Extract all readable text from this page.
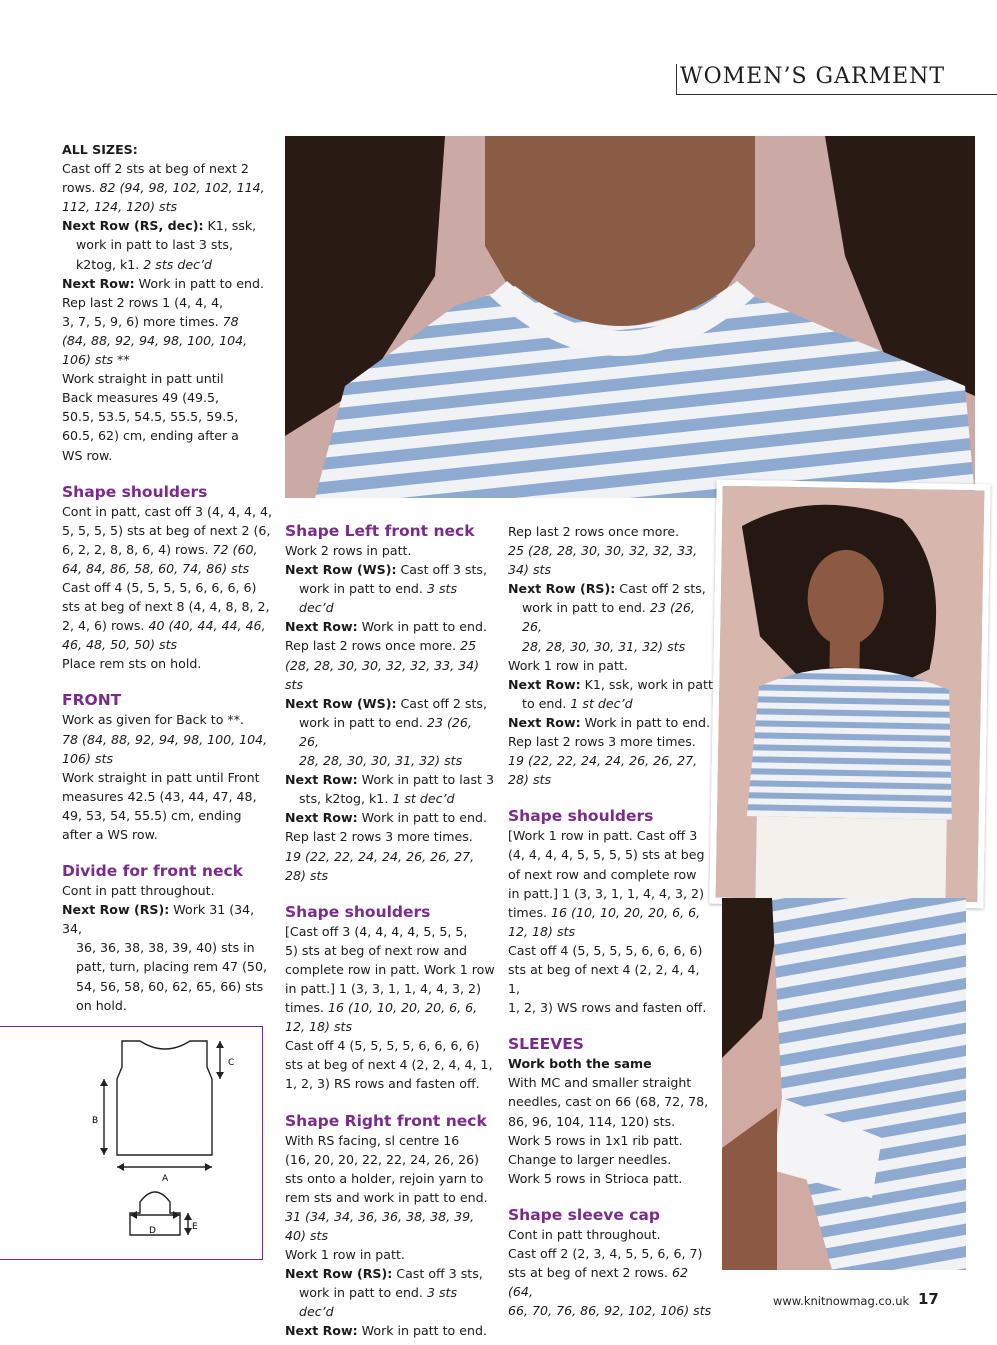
WOMEN’S GARMENT

ALL SIZES:

Cast off 2 sts at beg of next 2

rows. 82 (94, 98, 102, 102, 114,

112, 124, 120) sts

Next Row (RS, dec): K1, ssk,

work in patt to last 3 sts,

k2tog, k1. 2 sts dec’d

Next Row: Work in patt to end.

Rep last 2 rows 1 (4, 4, 4,

3, 7, 5, 9, 6) more times. 78

(84, 88, 92, 94, 98, 100, 104,

106) sts **

Work straight in patt until

Back measures 49 (49.5,

50.5, 53.5, 54.5, 55.5, 59.5,

60.5, 62) cm, ending after a

WS row.

Shape shoulders

Cont in patt, cast off 3 (4, 4, 4, 4,

5, 5, 5, 5) sts at beg of next 2 (6,

6, 2, 2, 8, 8, 6, 4) rows. 72 (60,

64, 84, 86, 58, 60, 74, 86) sts

Cast off 4 (5, 5, 5, 5, 6, 6, 6, 6)

sts at beg of next 8 (4, 4, 8, 8, 2,

2, 4, 6) rows. 40 (40, 44, 44, 46,

46, 48, 50, 50) sts

Place rem sts on hold.

FRONT

Work as given for Back to **.

78 (84, 88, 92, 94, 98, 100, 104,

106) sts

Work straight in patt until Front

measures 42.5 (43, 44, 47, 48,

49, 53, 54, 55.5) cm, ending

after a WS row.

Divide for front neck

Cont in patt throughout.

Next Row (RS): Work 31 (34, 34,

36, 36, 38, 38, 39, 40) sts in

patt, turn, placing rem 47 (50,

54, 56, 58, 60, 62, 65, 66) sts

on hold.

Shape Left front neck

Work 2 rows in patt.

Next Row (WS): Cast off 3 sts,

work in patt to end. 3 sts dec’d

Next Row: Work in patt to end.

Rep last 2 rows once more. 25

(28, 28, 30, 30, 32, 32, 33, 34) sts

Next Row (WS): Cast off 2 sts,

work in patt to end. 23 (26, 26,

28, 28, 30, 30, 31, 32) sts

Next Row: Work in patt to last 3

sts, k2tog, k1. 1 st dec’d

Next Row: Work in patt to end.

Rep last 2 rows 3 more times.

19 (22, 22, 24, 24, 26, 26, 27,

28) sts

Shape shoulders

[Cast off 3 (4, 4, 4, 4, 5, 5, 5,

5) sts at beg of next row and

complete row in patt. Work 1 row

in patt.] 1 (3, 3, 1, 1, 4, 4, 3, 2)

times. 16 (10, 10, 20, 20, 6, 6,

12, 18) sts

Cast off 4 (5, 5, 5, 5, 6, 6, 6, 6)

sts at beg of next 4 (2, 2, 4, 4, 1,

1, 2, 3) RS rows and fasten off.

Shape Right front neck

With RS facing, sl centre 16

(16, 20, 20, 22, 22, 24, 26, 26)

sts onto a holder, rejoin yarn to

rem sts and work in patt to end.

31 (34, 34, 36, 36, 38, 38, 39,

40) sts

Work 1 row in patt.

Next Row (RS): Cast off 3 sts,

work in patt to end. 3 sts dec’d

Next Row: Work in patt to end.

Rep last 2 rows once more.

25 (28, 28, 30, 30, 32, 32, 33,

34) sts

Next Row (RS): Cast off 2 sts,

work in patt to end. 23 (26, 26,

28, 28, 30, 30, 31, 32) sts

Work 1 row in patt.

Next Row: K1, ssk, work in patt

to end. 1 st dec’d

Next Row: Work in patt to end.

Rep last 2 rows 3 more times.

19 (22, 22, 24, 24, 26, 26, 27,

28) sts

Shape shoulders

[Work 1 row in patt. Cast off 3

(4, 4, 4, 4, 5, 5, 5, 5) sts at beg

of next row and complete row

in patt.] 1 (3, 3, 1, 1, 4, 4, 3, 2)

times. 16 (10, 10, 20, 20, 6, 6,

12, 18) sts

Cast off 4 (5, 5, 5, 5, 6, 6, 6, 6)

sts at beg of next 4 (2, 2, 4, 4, 1,

1, 2, 3) WS rows and fasten off.

SLEEVES

Work both the same

With MC and smaller straight

needles, cast on 66 (68, 72, 78,

86, 96, 104, 114, 120) sts.

Work 5 rows in 1x1 rib patt.

Change to larger needles.

Work 5 rows in Strioca patt.

Shape sleeve cap

Cont in patt throughout.

Cast off 2 (2, 3, 4, 5, 5, 6, 6, 7)

sts at beg of next 2 rows. 62 (64,

66, 70, 76, 86, 92, 102, 106) sts

A
B
C
D	E
www.knitnowmag.co.uk 17
